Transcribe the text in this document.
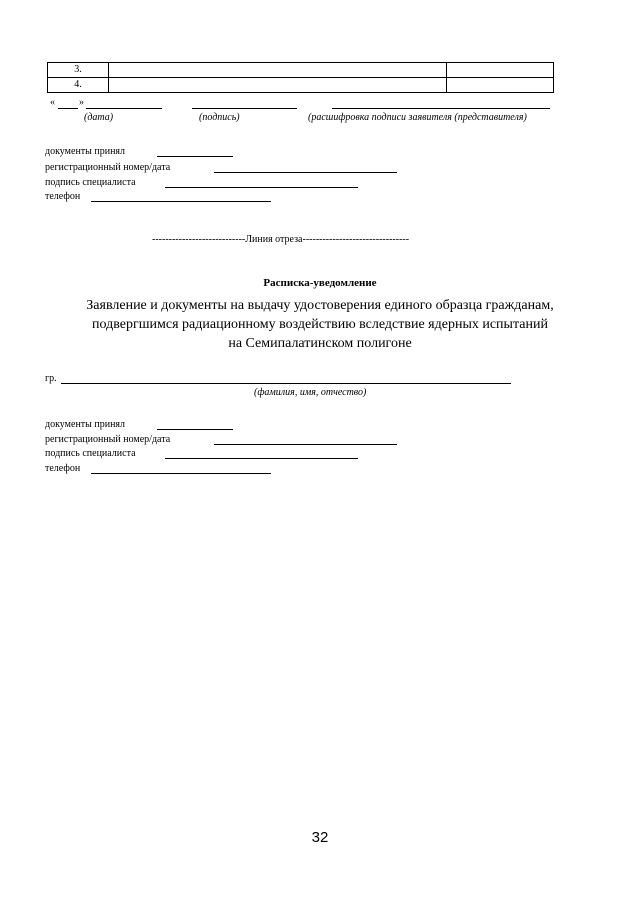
3.		
4.		
« »
(дата)	(подпись)	(расшифровка подписи заявителя (представителя)
документы принял
регистрационный номер/дата
подпись специалиста
телефон
----------------------------Линия отреза--------------------------------
Расписка-уведомление
Заявление и документы на выдачу удостоверения единого образца гражданам,
подвергшимся радиационному воздействию вследствие ядерных испытаний
на Семипалатинском полигоне
гр.
(фамилия, имя, отчество)
документы принял
регистрационный номер/дата
подпись специалиста
телефон
32
